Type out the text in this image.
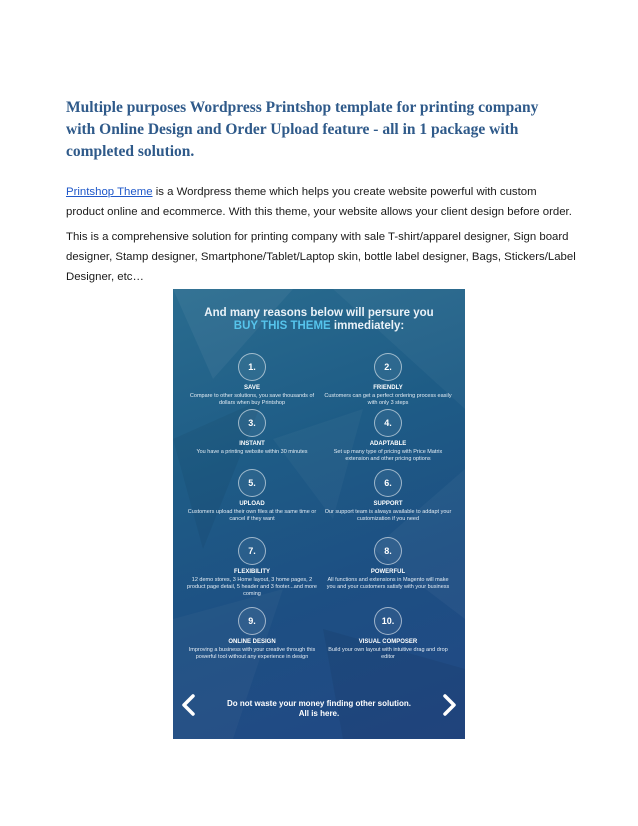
Multiple purposes Wordpress Printshop template for printing company with Online Design and Order Upload feature - all in 1 package with completed solution.

Printshop Theme is a Wordpress theme which helps you create website powerful with custom product online and ecommerce. With this theme, your website allows your client design before order.

This is a comprehensive solution for printing company with sale T-shirt/apparel designer, Sign board designer, Stamp designer, Smartphone/Tablet/Laptop skin, bottle label designer, Bags, Stickers/Label Designer, etc…

And many reasons below will persure you
BUY THIS THEME immediately:
1.
SAVE
Compare to other solutions, you save thousands of dollars when buy Printshop
2.
FRIENDLY
Customers can get a perfect ordering process easily with only 3 steps
3.
INSTANT
You have a printing website within 30 minutes
4.
ADAPTABLE
Set up many type of pricing with Price Matrix extension and other pricing options
5.
UPLOAD
Customers upload their own files at the same time or cancel if they want
6.
SUPPORT
Our support team is always available to addapt your customization if you need
7.
FLEXIBILITY
12 demo stores, 3 Home layout, 3 home pages, 2 product page detail, 5 header and 3 footer...and more coming
8.
POWERFUL
All functions and extensions in Magento will make you and your customers satisfy with your business
9.
ONLINE DESIGN
Improving a business with your creative through this powerful tool without any experience in design
10.
VISUAL COMPOSER
Build your own layout with intuitive drag and drop editor
Do not waste your money finding other solution.
All is here.
